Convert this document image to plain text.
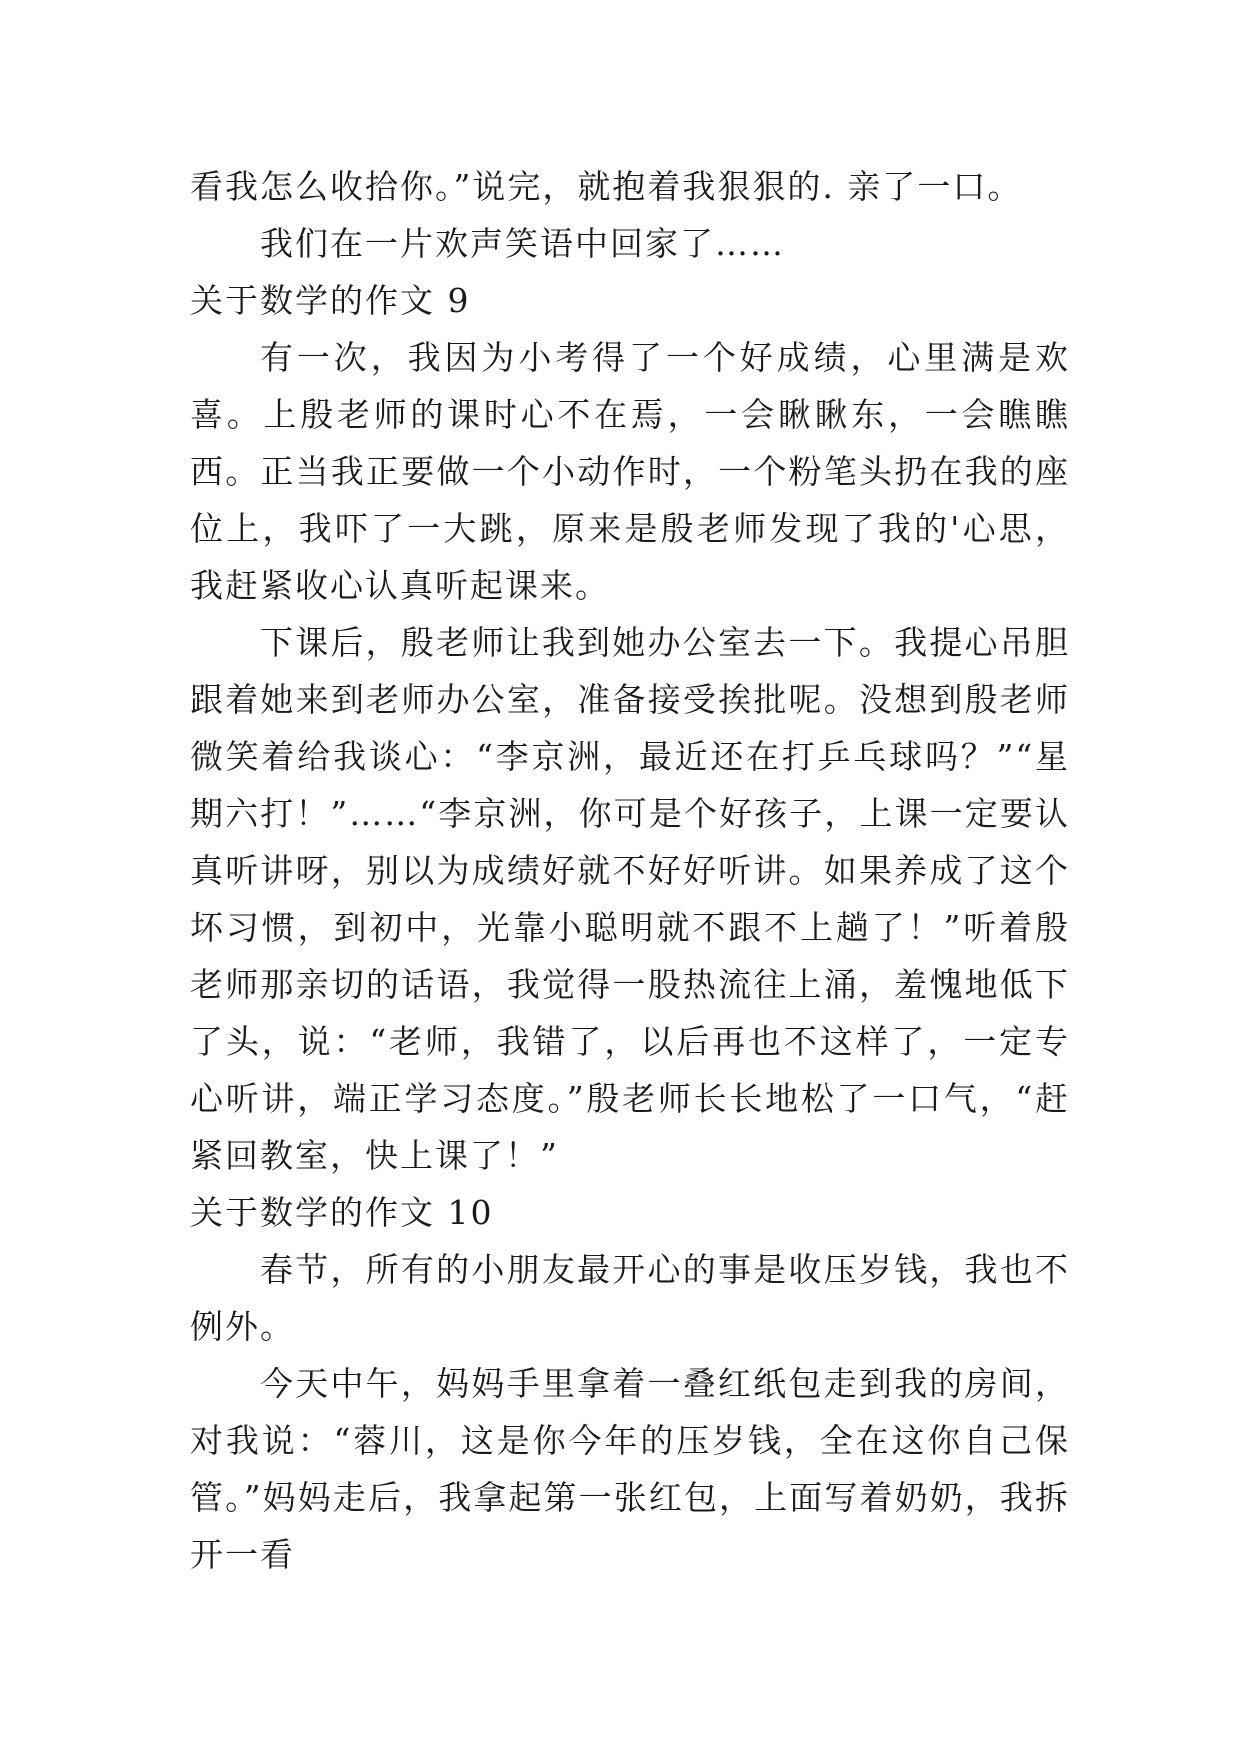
看我怎么收拾你。”说完，就抱着我狠狠的. 亲了一口。

我们在一片欢声笑语中回家了……

关于数学的作文 9

有一次，我因为小考得了一个好成绩，心里满是欢喜。上殷老师的课时心不在焉，一会瞅瞅东，一会瞧瞧西。正当我正要做一个小动作时，一个粉笔头扔在我的座位上，我吓了一大跳，原来是殷老师发现了我的'心思，我赶紧收心认真听起课来。

下课后，殷老师让我到她办公室去一下。我提心吊胆跟着她来到老师办公室，准备接受挨批呢。没想到殷老师微笑着给我谈心：“李京洲，最近还在打乒乓球吗？”“星期六打！”……“李京洲，你可是个好孩子，上课一定要认真听讲呀，别以为成绩好就不好好听讲。如果养成了这个坏习惯，到初中，光靠小聪明就不跟不上趟了！”听着殷老师那亲切的话语，我觉得一股热流往上涌，羞愧地低下了头，说：“老师，我错了，以后再也不这样了，一定专心听讲，端正学习态度。”殷老师长长地松了一口气，“赶紧回教室，快上课了！”

关于数学的作文 10

春节，所有的小朋友最开心的事是收压岁钱，我也不例外。

今天中午，妈妈手里拿着一叠红纸包走到我的房间，对我说：“蓉川，这是你今年的压岁钱，全在这你自己保管。”妈妈走后，我拿起第一张红包，上面写着奶奶，我拆开一看
